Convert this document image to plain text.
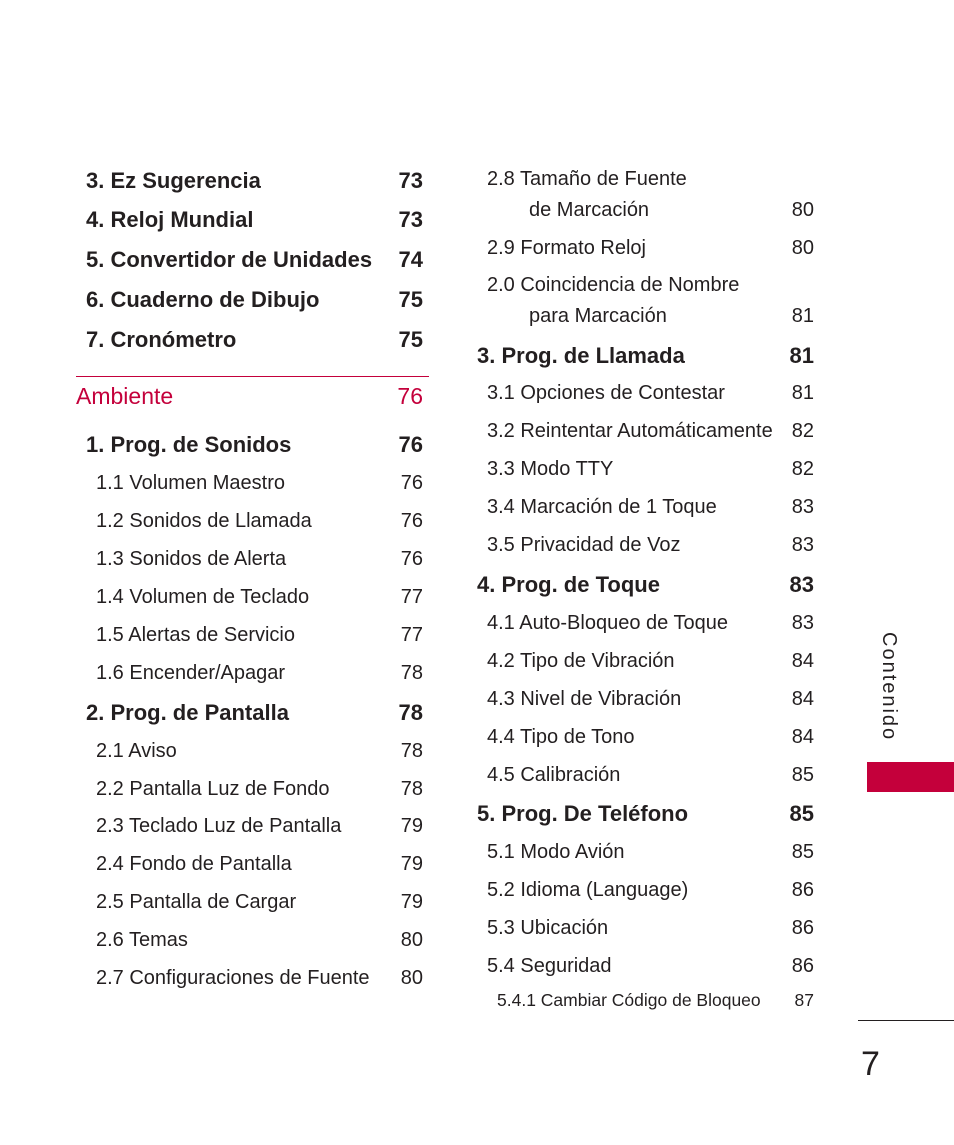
3. Ez Sugerencia	73
4. Reloj Mundial	73
5. Convertidor de Unidades 74
6. Cuaderno de Dibujo	75
7. Cronómetro	75
Ambiente	76
1. Prog. de Sonidos	76
1.1 Volumen Maestro	76
1.2 Sonidos de Llamada	76
1.3 Sonidos de Alerta	76
1.4 Volumen de Teclado	77
1.5 Alertas de Servicio	77
1.6 Encender/Apagar	78
2. Prog. de Pantalla	78
2.1 Aviso	78
2.2 Pantalla Luz de Fondo	78
2.3 Teclado Luz de Pantalla	79
2.4 Fondo de Pantalla	79
2.5 Pantalla de Cargar	79
2.6 Temas	80
2.7 Configuraciones de Fuente 80
2.8 Tamaño de Fuente
de Marcación	80
2.9 Formato Reloj	80
2.0 Coincidencia de Nombre
para Marcación	81
3. Prog. de Llamada	81
3.1 Opciones de Contestar	81
3.2 Reintentar Automáticamente 82
3.3 Modo TTY	82
3.4 Marcación de 1 Toque	83
3.5 Privacidad de Voz	83
4. Prog. de Toque	83
4.1 Auto-Bloqueo de Toque	83
4.2 Tipo de Vibración	84
4.3 Nivel de Vibración	84
4.4 Tipo de Tono	84
4.5 Calibración	85
5. Prog. De Teléfono	85
5.1 Modo Avión	85
5.2 Idioma (Language)	86
5.3 Ubicación	86
5.4 Seguridad	86
5.4.1 Cambiar Código de Bloqueo 87
Contenido
7
